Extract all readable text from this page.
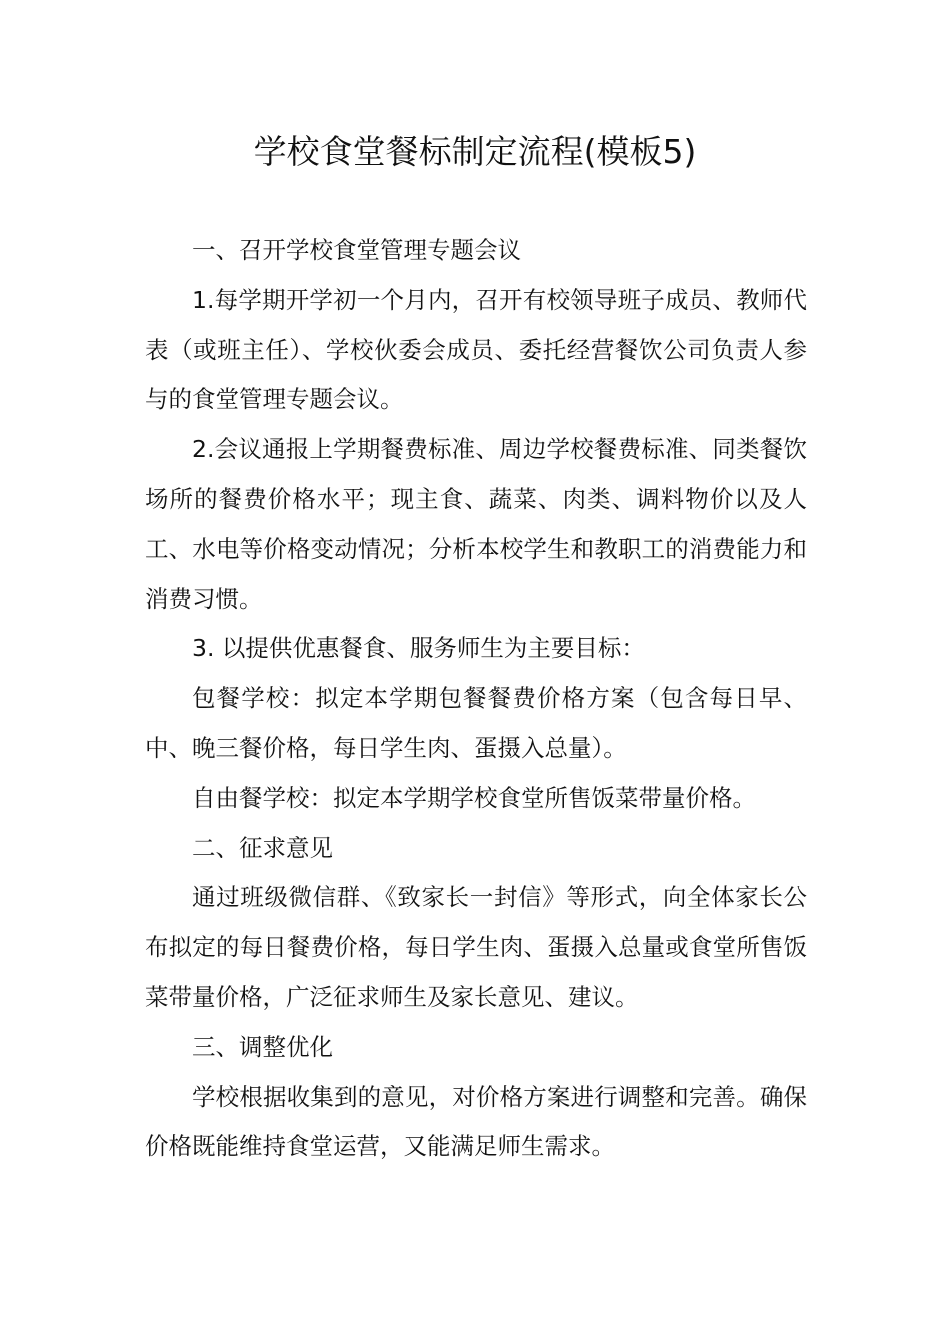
学校食堂餐标制定流程(模板5)

一、召开学校食堂管理专题会议

1.每学期开学初一个月内，召开有校领导班子成员、教师代表（或班主任）、学校伙委会成员、委托经营餐饮公司负责人参与的食堂管理专题会议。

2.会议通报上学期餐费标准、周边学校餐费标准、同类餐饮场所的餐费价格水平；现主食、蔬菜、肉类、调料物价以及人工、水电等价格变动情况；分析本校学生和教职工的消费能力和消费习惯。

3. 以提供优惠餐食、服务师生为主要目标：

包餐学校：拟定本学期包餐餐费价格方案（包含每日早、中、晚三餐价格，每日学生肉、蛋摄入总量）。

自由餐学校：拟定本学期学校食堂所售饭菜带量价格。

二、征求意见

通过班级微信群、《致家长一封信》等形式，向全体家长公布拟定的每日餐费价格，每日学生肉、蛋摄入总量或食堂所售饭菜带量价格，广泛征求师生及家长意见、建议。

三、调整优化

学校根据收集到的意见，对价格方案进行调整和完善。确保价格既能维持食堂运营，又能满足师生需求。
